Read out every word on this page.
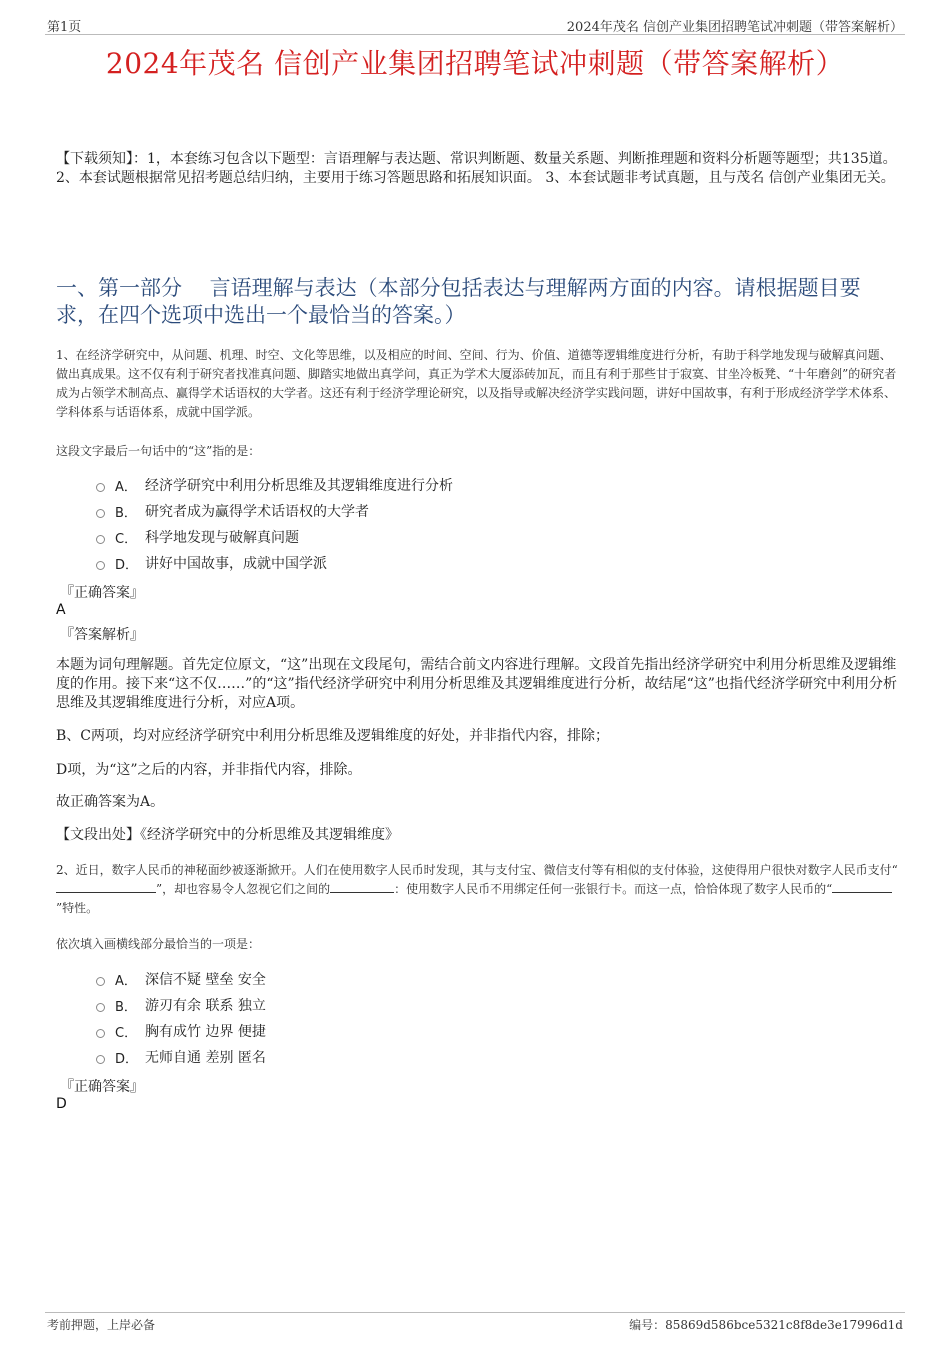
第1页	2024年茂名 信创产业集团招聘笔试冲刺题（带答案解析）
2024年茂名 信创产业集团招聘笔试冲刺题（带答案解析）
【下载须知】：1，本套练习包含以下题型：言语理解与表达题、常识判断题、数量关系题、判断推理题和资料分析题等题型；共135道。 2、本套试题根据常见招考题总结归纳，主要用于练习答题思路和拓展知识面。 3、本套试题非考试真题，且与茂名 信创产业集团无关。
一、第一部分　 言语理解与表达（本部分包括表达与理解两方面的内容。请根据题目要求，在四个选项中选出一个最恰当的答案。）
1、在经济学研究中，从问题、机理、时空、文化等思维，以及相应的时间、空间、行为、价值、道德等逻辑维度进行分析，有助于科学地发现与破解真问题、做出真成果。这不仅有利于研究者找准真问题、脚踏实地做出真学问，真正为学术大厦添砖加瓦，而且有利于那些甘于寂寞、甘坐冷板凳、“十年磨剑”的研究者成为占领学术制高点、赢得学术话语权的大学者。这还有利于经济学理论研究，以及指导或解决经济学实践问题，讲好中国故事，有利于形成经济学学术体系、学科体系与话语体系，成就中国学派。
这段文字最后一句话中的“这”指的是：
A． 经济学研究中利用分析思维及其逻辑维度进行分析
B． 研究者成为赢得学术话语权的大学者
C． 科学地发现与破解真问题
D． 讲好中国故事，成就中国学派
『正确答案』
A
『答案解析』
本题为词句理解题。首先定位原文，“这”出现在文段尾句，需结合前文内容进行理解。文段首先指出经济学研究中利用分析思维及逻辑维度的作用。接下来“这不仅……”的“这”指代经济学研究中利用分析思维及其逻辑维度进行分析，故结尾“这”也指代经济学研究中利用分析思维及其逻辑维度进行分析，对应A项。
B、C两项，均对应经济学研究中利用分析思维及逻辑维度的好处，并非指代内容，排除；
D项，为“这”之后的内容，并非指代内容，排除。
故正确答案为A。
【文段出处】《经济学研究中的分析思维及其逻辑维度》
2、近日，数字人民币的神秘面纱被逐渐掀开。人们在使用数字人民币时发现，其与支付宝、微信支付等有相似的支付体验，这使得用户很快对数字人民币支付“”，却也容易令人忽视它们之间的	：使用数字人民币不用绑定任何一张银行卡。而这一点，恰恰体现了数字人民币的“”特性。
依次填入画横线部分最恰当的一项是：
A． 深信不疑 壁垒 安全
B． 游刃有余 联系 独立
C． 胸有成竹 边界 便捷
D． 无师自通 差别 匿名
『正确答案』
D
考前押题，上岸必备	编号：85869d586bce5321c8f8de3e17996d1d
